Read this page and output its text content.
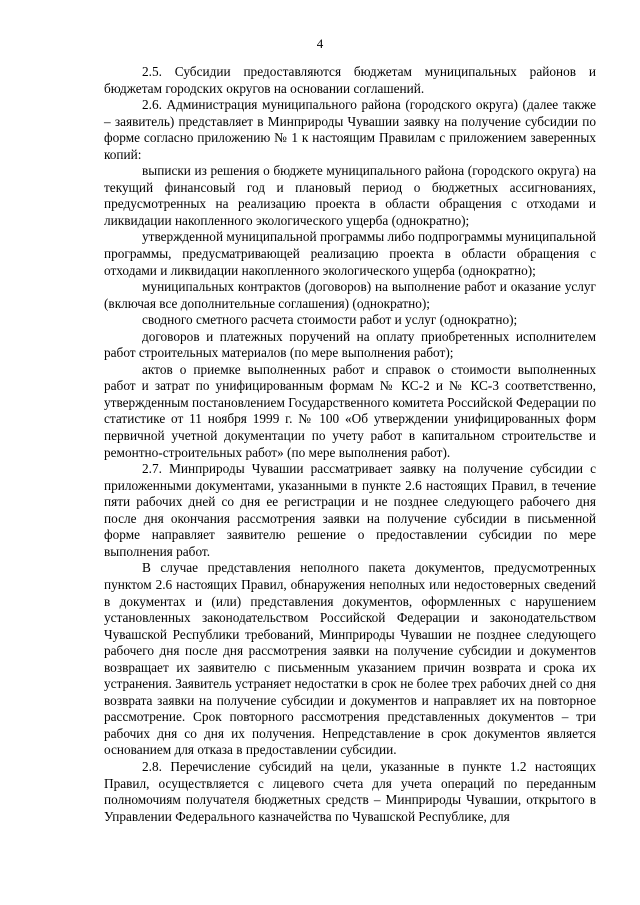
4

2.5. Субсидии предоставляются бюджетам муниципальных районов и бюджетам городских округов на основании соглашений.

2.6. Администрация муниципального района (городского округа) (далее также – заявитель) представляет в Минприроды Чувашии заявку на получение субсидии по форме согласно приложению № 1 к настоящим Правилам с приложением заверенных копий:

выписки из решения о бюджете муниципального района (городского округа) на текущий финансовый год и плановый период о бюджетных ассигнованиях, предусмотренных на реализацию проекта в области обращения с отходами и ликвидации накопленного экологического ущерба (однократно);

утвержденной муниципальной программы либо подпрограммы муниципальной программы, предусматривающей реализацию проекта в области обращения с отходами и ликвидации накопленного экологического ущерба (однократно);

муниципальных контрактов (договоров) на выполнение работ и оказание услуг (включая все дополнительные соглашения) (однократно);

сводного сметного расчета стоимости работ и услуг (однократно);

договоров и платежных поручений на оплату приобретенных исполнителем работ строительных материалов (по мере выполнения работ);

актов о приемке выполненных работ и справок о стоимости выполненных работ и затрат по унифицированным формам № КС-2 и № КС-3 соответственно, утвержденным постановлением Государственного комитета Российской Федерации по статистике от 11 ноября 1999 г. № 100 «Об утверждении унифицированных форм первичной учетной документации по учету работ в капитальном строительстве и ремонтно-строительных работ» (по мере выполнения работ).

2.7. Минприроды Чувашии рассматривает заявку на получение субсидии с приложенными документами, указанными в пункте 2.6 настоящих Правил, в течение пяти рабочих дней со дня ее регистрации и не позднее следующего рабочего дня после дня окончания рассмотрения заявки на получение субсидии в письменной форме направляет заявителю решение о предоставлении субсидии по мере выполнения работ.

В случае представления неполного пакета документов, предусмотренных пунктом 2.6 настоящих Правил, обнаружения неполных или недостоверных сведений в документах и (или) представления документов, оформленных с нарушением установленных законодательством Российской Федерации и законодательством Чувашской Республики требований, Минприроды Чувашии не позднее следующего рабочего дня после дня рассмотрения заявки на получение субсидии и документов возвращает их заявителю с письменным указанием причин возврата и срока их устранения. Заявитель устраняет недостатки в срок не более трех рабочих дней со дня возврата заявки на получение субсидии и документов и направляет их на повторное рассмотрение. Срок повторного рассмотрения представленных документов – три рабочих дня со дня их получения. Непредставление в срок документов является основанием для отказа в предоставлении субсидии.

2.8. Перечисление субсидий на цели, указанные в пункте 1.2 настоящих Правил, осуществляется с лицевого счета для учета операций по переданным полномочиям получателя бюджетных средств – Минприроды Чувашии, открытого в Управлении Федерального казначейства по Чувашской Республике, для
